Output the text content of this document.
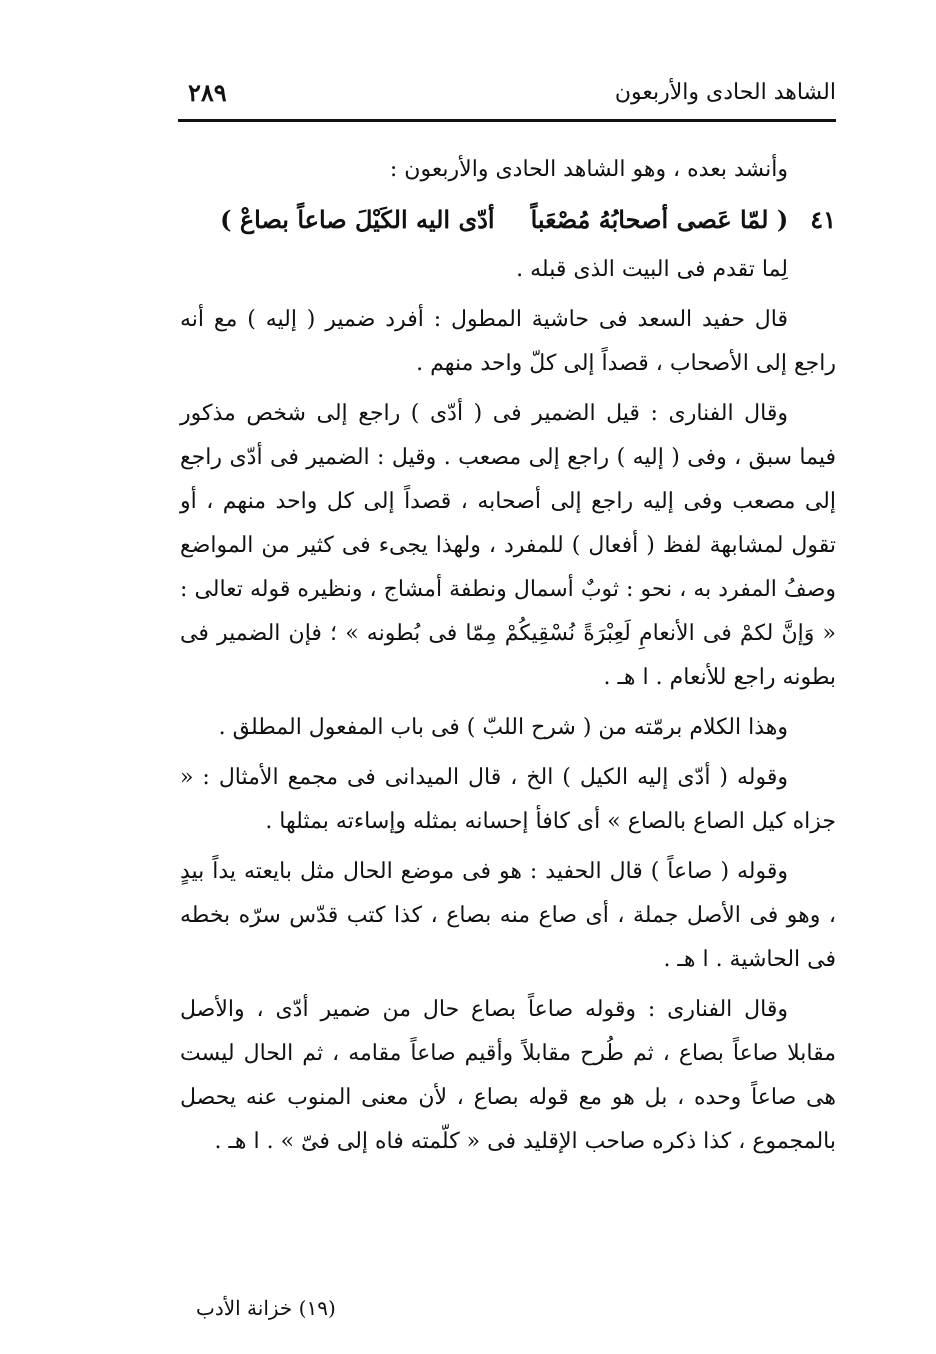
الشاهد الحادى والأربعون
٢٨٩

وأنشد بعده ، وهو الشاهد الحادى والأربعون :

٤١
( لمّا عَصى أصحابُهُ مُصْعَباً
أدّى اليه الكَيْلَ صاعاً بصاعْ )

لِما تقدم فى البيت الذى قبله .

قال حفيد السعد فى حاشية المطول : أفرد ضمير ( إليه ) مع أنه راجع إلى الأصحاب ، قصداً إلى كلّ واحد منهم .

وقال الفنارى : قيل الضمير فى ( أدّى ) راجع إلى شخص مذكور فيما سبق ، وفى ( إليه ) راجع إلى مصعب . وقيل : الضمير فى أدّى راجع إلى مصعب وفى إليه راجع إلى أصحابه ، قصداً إلى كل واحد منهم ، أو تقول لمشابهة لفظ ( أفعال ) للمفرد ، ولهذا يجىء فى كثير من المواضع وصفُ المفرد به ، نحو : ثوبٌ أسمال ونطفة أمشاج ، ونظيره قوله تعالى : « وَإنَّ لكمْ فى الأنعامِ لَعِبْرَةً نُسْقِيكُمْ مِمّا فى بُطونه » ؛ فإن الضمير فى بطونه راجع للأنعام . ا هـ .

وهذا الكلام برمّته من ( شرح اللبّ ) فى باب المفعول المطلق .

وقوله ( أدّى إليه الكيل ) الخ ، قال الميدانى فى مجمع الأمثال : « جزاه كيل الصاع بالصاع » أى كافأ إحسانه بمثله وإساءته بمثلها .

وقوله ( صاعاً ) قال الحفيد : هو فى موضع الحال مثل بايعته يداً بيدٍ ، وهو فى الأصل جملة ، أى صاع منه بصاع ، كذا كتب قدّس سرّه بخطه فى الحاشية . ا هـ .

وقال الفنارى : وقوله صاعاً بصاع حال من ضمير أدّى ، والأصل مقابلا صاعاً بصاع ، ثم طُرح مقابلاً وأقيم صاعاً مقامه ، ثم الحال ليست هى صاعاً وحده ، بل هو مع قوله بصاع ، لأن معنى المنوب عنه يحصل بالمجموع ، كذا ذكره صاحب الإقليد فى « كلّمته فاه إلى فىّ » . ا هـ .

(١٩) خزانة الأدب
